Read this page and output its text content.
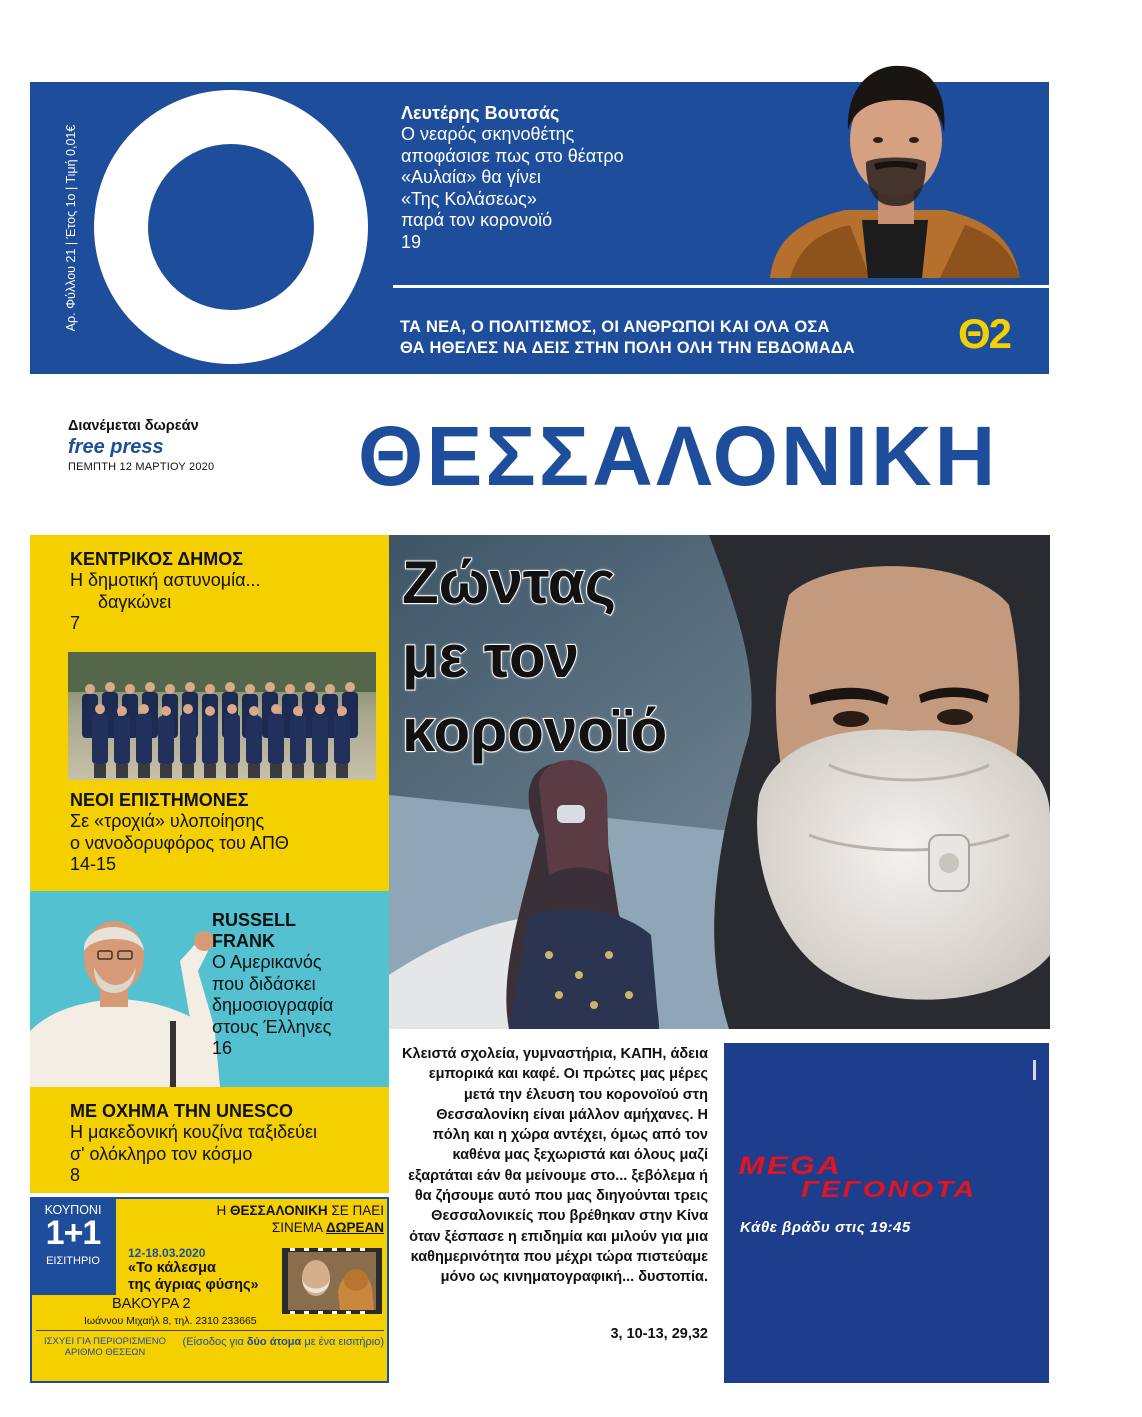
Αρ. Φύλλου 21 | Έτος 1ο | Τιμή 0,01€
Λευτέρης Βουτσάς
Ο νεαρός σκηνοθέτης
αποφάσισε πως στο θέατρο
«Αυλαία» θα γίνει
«Της Κολάσεως»
παρά τον κορονοϊό
19
ΤΑ ΝΕΑ, Ο ΠΟΛΙΤΙΣΜΟΣ, ΟΙ ΑΝΘΡΩΠΟΙ ΚΑΙ ΟΛΑ ΟΣΑ
ΘΑ ΗΘΕΛΕΣ ΝΑ ΔΕΙΣ ΣΤΗΝ ΠΟΛΗ ΟΛΗ ΤΗΝ ΕΒΔΟΜΑΔΑ Θ2
Διανέμεται δωρεάν
free press
ΠΕΜΠΤΗ 12 ΜΑΡΤΙΟΥ 2020 ΘΕΣΣΑΛΟΝΙΚΗ
ΚΕΝΤΡΙΚΟΣ ΔΗΜΟΣ
Η δημοτική αστυνομία...
δαγκώνει
7
ΝΕΟΙ ΕΠΙΣΤΗΜΟΝΕΣ
Σε «τροχιά» υλοποίησης
ο νανοδορυφόρος του ΑΠΘ
14-15
RUSSELL
FRANK
Ο Αμερικανός
που διδάσκει
δημοσιογραφία
στους Έλληνες
16
ΜΕ ΟΧΗΜΑ ΤΗΝ UNESCO
Η μακεδονική κουζίνα ταξιδεύει
σ' ολόκληρο τον κόσμο
8
ΚΟΥΠΟΝΙ
1+1
ΕΙΣΙΤΗΡΙΟ
Η ΘΕΣΣΑΛΟΝΙΚΗ ΣΕ ΠΑΕΙ
ΣΙΝΕΜΑ ΔΩΡΕΑΝ
12-18.03.2020
«Το κάλεσμα
της άγριας φύσης»
ΒΑΚΟΥΡΑ 2
Ιωάννου Μιχαήλ 8, τηλ. 2310 233665
ΙΣΧΥΕΙ ΓΙΑ ΠΕΡΙΟΡΙΣΜΕΝΟ
ΑΡΙΘΜΟ ΘΕΣΕΩΝ
(Είσοδος για δύο άτομα με ένα εισιτήριο)
Ζώντας
με τον
κορονοϊό
Κλειστά σχολεία, γυμναστήρια, ΚΑΠΗ, άδεια εμπορικά και καφέ. Οι πρώτες μας μέρες μετά την έλευση του κορονοϊού στη Θεσσαλονίκη είναι μάλλον αμήχανες. Η πόλη και η χώρα αντέχει, όμως από τον καθένα μας ξεχωριστά και όλους μαζί εξαρτάται εάν θα μείνουμε στο... ξεβόλεμα ή θα ζήσουμε αυτό που μας διηγούνται τρεις Θεσσαλονικείς που βρέθηκαν στην Κίνα όταν ξέσπασε η επιδημία και μιλούν για μια καθημερινότητα που μέχρι τώρα πιστεύαμε μόνο ως κινηματογραφική... δυστοπία.
3, 10-13, 29,32
MEGA
ΓΕΓΟΝΟΤΑ
Κάθε βράδυ στις 19:45
